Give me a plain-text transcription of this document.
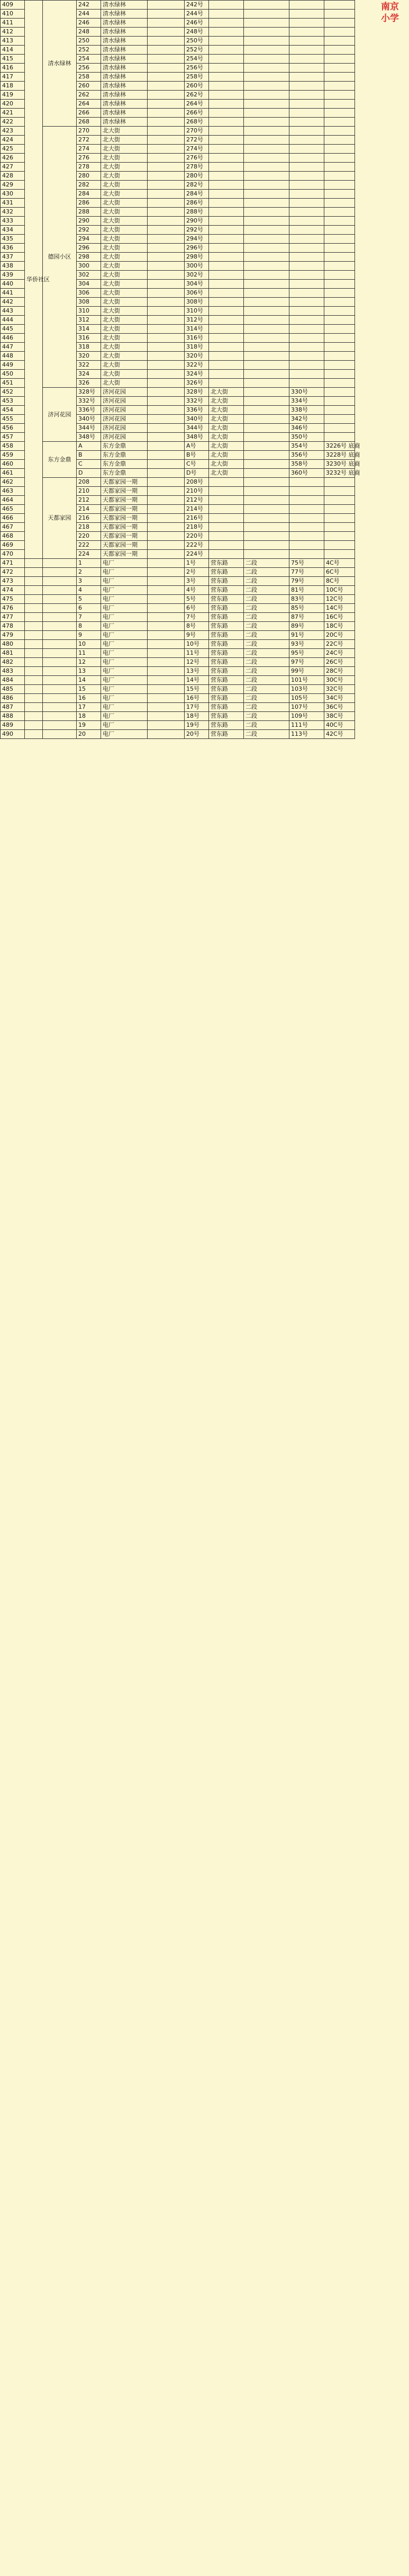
409	华侨社区	清水绿林	242	清水绿林		242号				
410			244	清水绿林		244号				
411			246	清水绿林		246号				
412			248	清水绿林		248号				
413			250	清水绿林		250号				
414			252	清水绿林		252号				
415			254	清水绿林		254号				
416			256	清水绿林		256号				
417			258	清水绿林		258号				
418			260	清水绿林		260号				
419			262	清水绿林		262号				
420			264	清水绿林		264号				
421			266	清水绿林		266号				
422			268	清水绿林		268号				
423		德园小区	270	北大街		270号				
424			272	北大街		272号				
425			274	北大街		274号				
426			276	北大街		276号				
427			278	北大街		278号				
428			280	北大街		280号				
429			282	北大街		282号				
430			284	北大街		284号				
431			286	北大街		286号				
432			288	北大街		288号				
433			290	北大街		290号				
434			292	北大街		292号				
435			294	北大街		294号				
436			296	北大街		296号				
437			298	北大街		298号				
438			300	北大街		300号				
439			302	北大街		302号				
440			304	北大街		304号				
441			306	北大街		306号				
442			308	北大街		308号				
443			310	北大街		310号				
444			312	北大街		312号				
445			314	北大街		314号				
446			316	北大街		316号				
447			318	北大街		318号				
448			320	北大街		320号				
449			322	北大街		322号				
450			324	北大街		324号				
451			326	北大街		326号				
452		济河花园	328号	济河花园		328号	北大街		330号	
453			332号	济河花园		332号	北大街		334号	
454			336号	济河花园		336号	北大街		338号	
455			340号	济河花园		340号	北大街		342号	
456			344号	济河花园		344号	北大街		346号	
457			348号	济河花园		348号	北大街		350号	
458		东方金鼎	A	东方金鼎		A号	北大街		354号	3226号 底商
459			B	东方金鼎		B号	北大街		356号	3228号 底商
460			C	东方金鼎		C号	北大街		358号	3230号 底商
461			D	东方金鼎		D号	北大街		360号	3232号 底商
462		天都家园	208	天都家园一期		208号				
463			210	天都家园一期		210号				
464			212	天都家园一期		212号				
465			214	天都家园一期		214号				
466			216	天都家园一期		216号				
467			218	天都家园一期		218号				
468			220	天都家园一期		220号				
469			222	天都家园一期		222号				
470			224	天都家园一期		224号				
471			1	电厂		1号	营东路	二段	75号	4C号
472			2	电厂		2号	营东路	二段	77号	6C号
473			3	电厂		3号	营东路	二段	79号	8C号
474			4	电厂		4号	营东路	二段	81号	10C号
475			5	电厂		5号	营东路	二段	83号	12C号
476			6	电厂		6号	营东路	二段	85号	14C号
477			7	电厂		7号	营东路	二段	87号	16C号
478			8	电厂		8号	营东路	二段	89号	18C号
479			9	电厂		9号	营东路	二段	91号	20C号
480			10	电厂		10号	营东路	二段	93号	22C号
481			11	电厂		11号	营东路	二段	95号	24C号
482			12	电厂		12号	营东路	二段	97号	26C号
483			13	电厂		13号	营东路	二段	99号	28C号
484			14	电厂		14号	营东路	二段	101号	30C号
485			15	电厂		15号	营东路	二段	103号	32C号
486			16	电厂		16号	营东路	二段	105号	34C号
487			17	电厂		17号	营东路	二段	107号	36C号
488			18	电厂		18号	营东路	二段	109号	38C号
489			19	电厂		19号	营东路	二段	111号	40C号
490			20	电厂		20号	营东路	二段	113号	42C号
南京
小学
